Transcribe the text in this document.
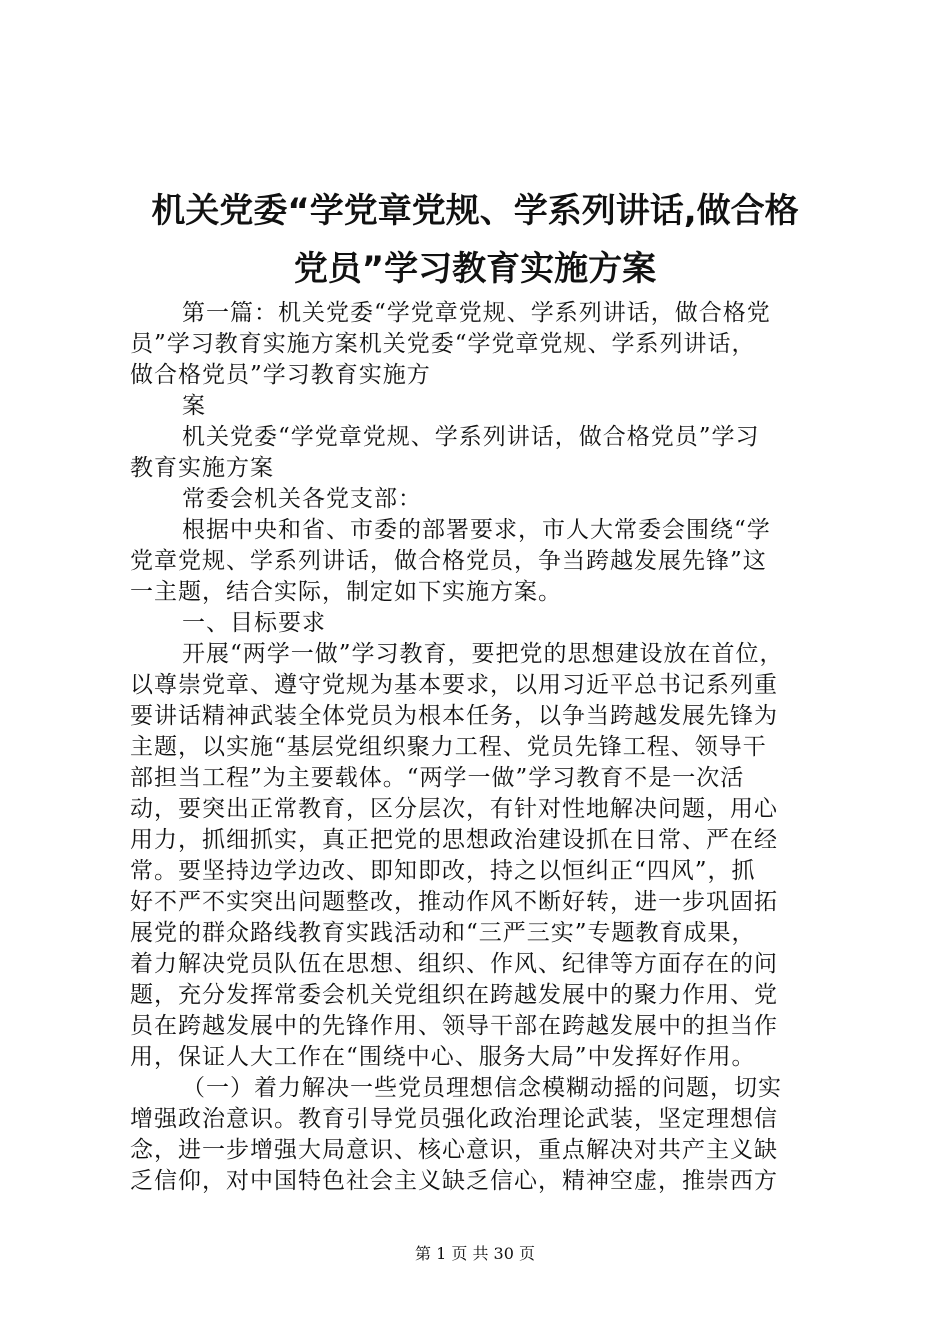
机关党委“学党章党规、学系列讲话,做合格
党员”学习教育实施方案
第一篇：机关党委“学党章党规、学系列讲话，做合格党
员”学习教育实施方案机关党委“学党章党规、学系列讲话，
做合格党员”学习教育实施方
案
机关党委“学党章党规、学系列讲话，做合格党员”学习
教育实施方案
常委会机关各党支部：
根据中央和省、市委的部署要求，市人大常委会围绕“学
党章党规、学系列讲话，做合格党员，争当跨越发展先锋”这
一主题，结合实际，制定如下实施方案。
一、目标要求
开展“两学一做”学习教育，要把党的思想建设放在首位，
以尊崇党章、遵守党规为基本要求，以用习近平总书记系列重
要讲话精神武装全体党员为根本任务，以争当跨越发展先锋为
主题，以实施“基层党组织聚力工程、党员先锋工程、领导干
部担当工程”为主要载体。“两学一做”学习教育不是一次活
动，要突出正常教育，区分层次，有针对性地解决问题，用心
用力，抓细抓实，真正把党的思想政治建设抓在日常、严在经
常。要坚持边学边改、即知即改，持之以恒纠正“四风”，抓
好不严不实突出问题整改，推动作风不断好转，进一步巩固拓
展党的群众路线教育实践活动和“三严三实”专题教育成果，
着力解决党员队伍在思想、组织、作风、纪律等方面存在的问
题，充分发挥常委会机关党组织在跨越发展中的聚力作用、党
员在跨越发展中的先锋作用、领导干部在跨越发展中的担当作
用，保证人大工作在“围绕中心、服务大局”中发挥好作用。
（一）着力解决一些党员理想信念模糊动摇的问题，切实
增强政治意识。教育引导党员强化政治理论武装，坚定理想信
念，进一步增强大局意识、核心意识，重点解决对共产主义缺
乏信仰，对中国特色社会主义缺乏信心，精神空虚，推崇西方
第 1 页 共 30 页
